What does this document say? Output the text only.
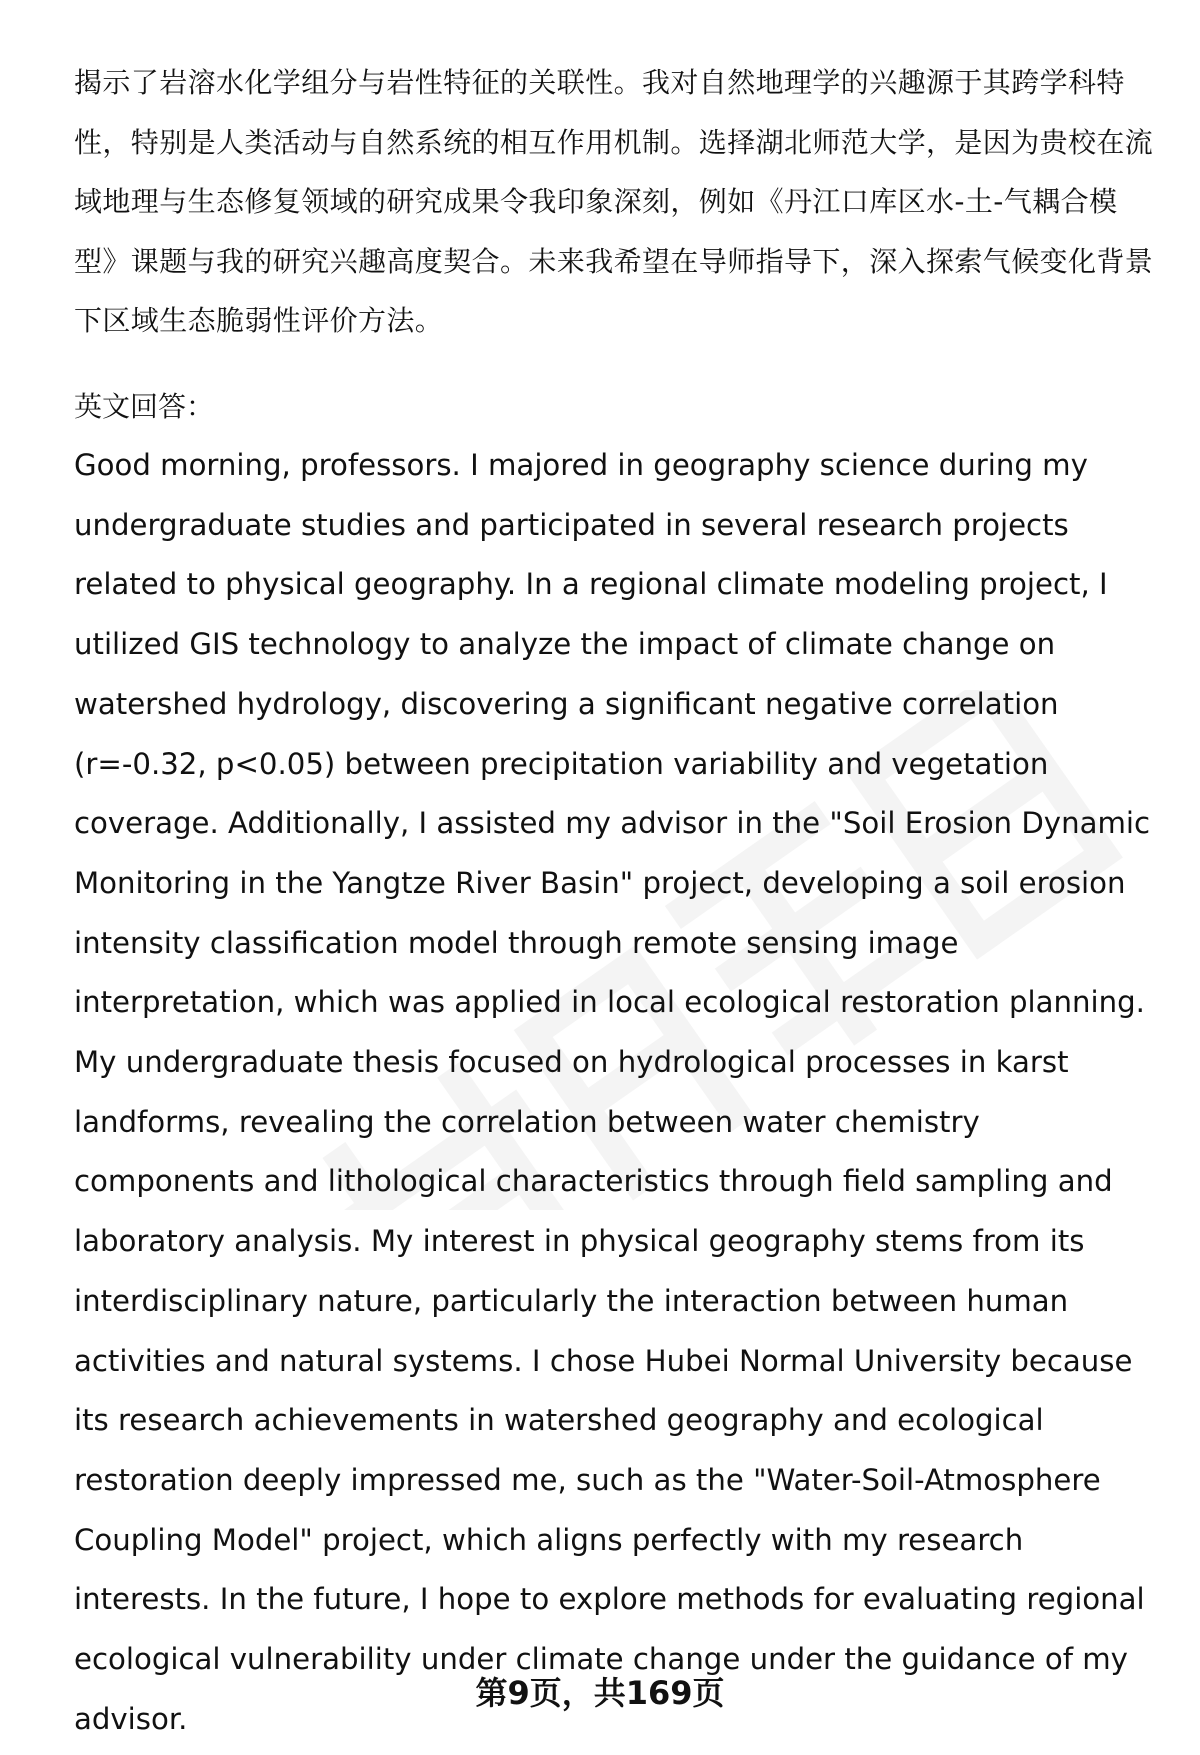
揭示了岩溶水化学组分与岩性特征的关联性。我对自然地理学的兴趣源于其跨学科特性，特别是人类活动与自然系统的相互作用机制。选择湖北师范大学，是因为贵校在流域地理与生态修复领域的研究成果令我印象深刻，例如《丹江口库区水-土-气耦合模型》课题与我的研究兴趣高度契合。未来我希望在导师指导下，深入探索气候变化背景下区域生态脆弱性评价方法。
英文回答：
Good morning, professors. I majored in geography science during my undergraduate studies and participated in several research projects related to physical geography. In a regional climate modeling project, I utilized GIS technology to analyze the impact of climate change on watershed hydrology, discovering a significant negative correlation (r=-0.32, p<0.05) between precipitation variability and vegetation coverage. Additionally, I assisted my advisor in the "Soil Erosion Dynamic Monitoring in the Yangtze River Basin" project, developing a soil erosion intensity classification model through remote sensing image interpretation, which was applied in local ecological restoration planning. My undergraduate thesis focused on hydrological processes in karst landforms, revealing the correlation between water chemistry components and lithological characteristics through field sampling and laboratory analysis. My interest in physical geography stems from its interdisciplinary nature, particularly the interaction between human activities and natural systems. I chose Hubei Normal University because its research achievements in watershed geography and ecological restoration deeply impressed me, such as the "Water-Soil-Atmosphere Coupling Model" project, which aligns perfectly with my research interests. In the future, I hope to explore methods for evaluating regional ecological vulnerability under climate change under the guidance of my advisor.
第9页，共169页
